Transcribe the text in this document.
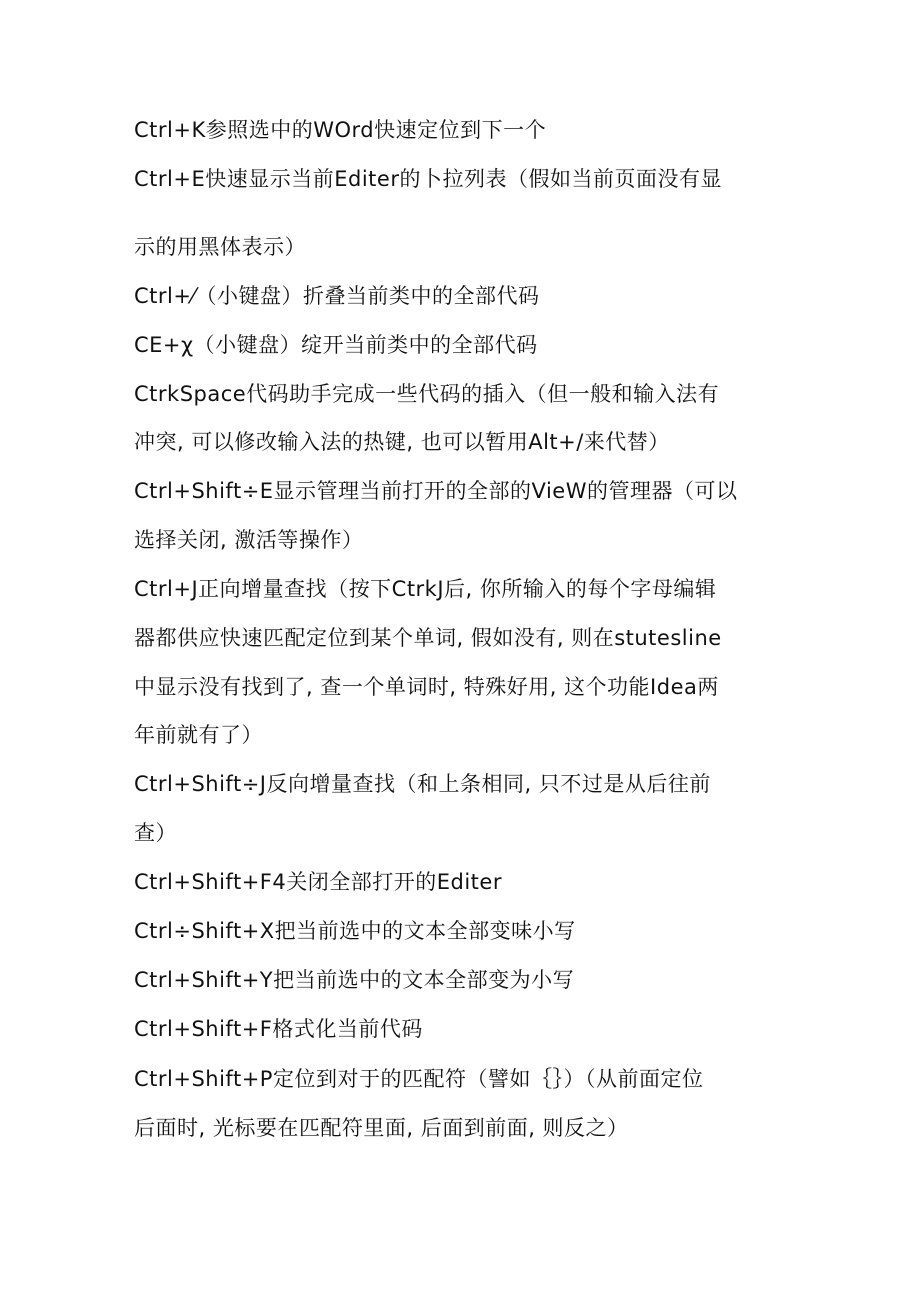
Ctrl+K参照选中的WOrd快速定位到下一个
Ctrl+E快速显示当前Editer的卜拉列表（假如当前页面没有显
示的用黑体表示）
Ctrl+⁄（小键盘）折叠当前类中的全部代码
CE+χ（小键盘）绽开当前类中的全部代码
CtrkSpace代码助手完成一些代码的插入（但一般和输入法有
冲突, 可以修改输入法的热键, 也可以暂用Alt+/来代替）
Ctrl+Shift÷E显示管理当前打开的全部的VieW的管理器（可以
选择关闭, 激活等操作）
Ctrl+J正向增量查找（按下CtrkJ后, 你所输入的每个字母编辑
器都供应快速匹配定位到某个单词, 假如没有, 则在stutesline
中显示没有找到了, 查一个单词时, 特殊好用, 这个功能Idea两
年前就有了）
Ctrl+Shift÷J反向增量查找（和上条相同, 只不过是从后往前
查）
Ctrl+Shift+F4关闭全部打开的Editer
Ctrl÷Shift+X把当前选中的文本全部变味小写
Ctrl+Shift+Y把当前选中的文本全部变为小写
Ctrl+Shift+F格式化当前代码
Ctrl+Shift+P定位到对于的匹配符（譬如｛｝）（从前面定位
后面时, 光标要在匹配符里面, 后面到前面, 则反之）
